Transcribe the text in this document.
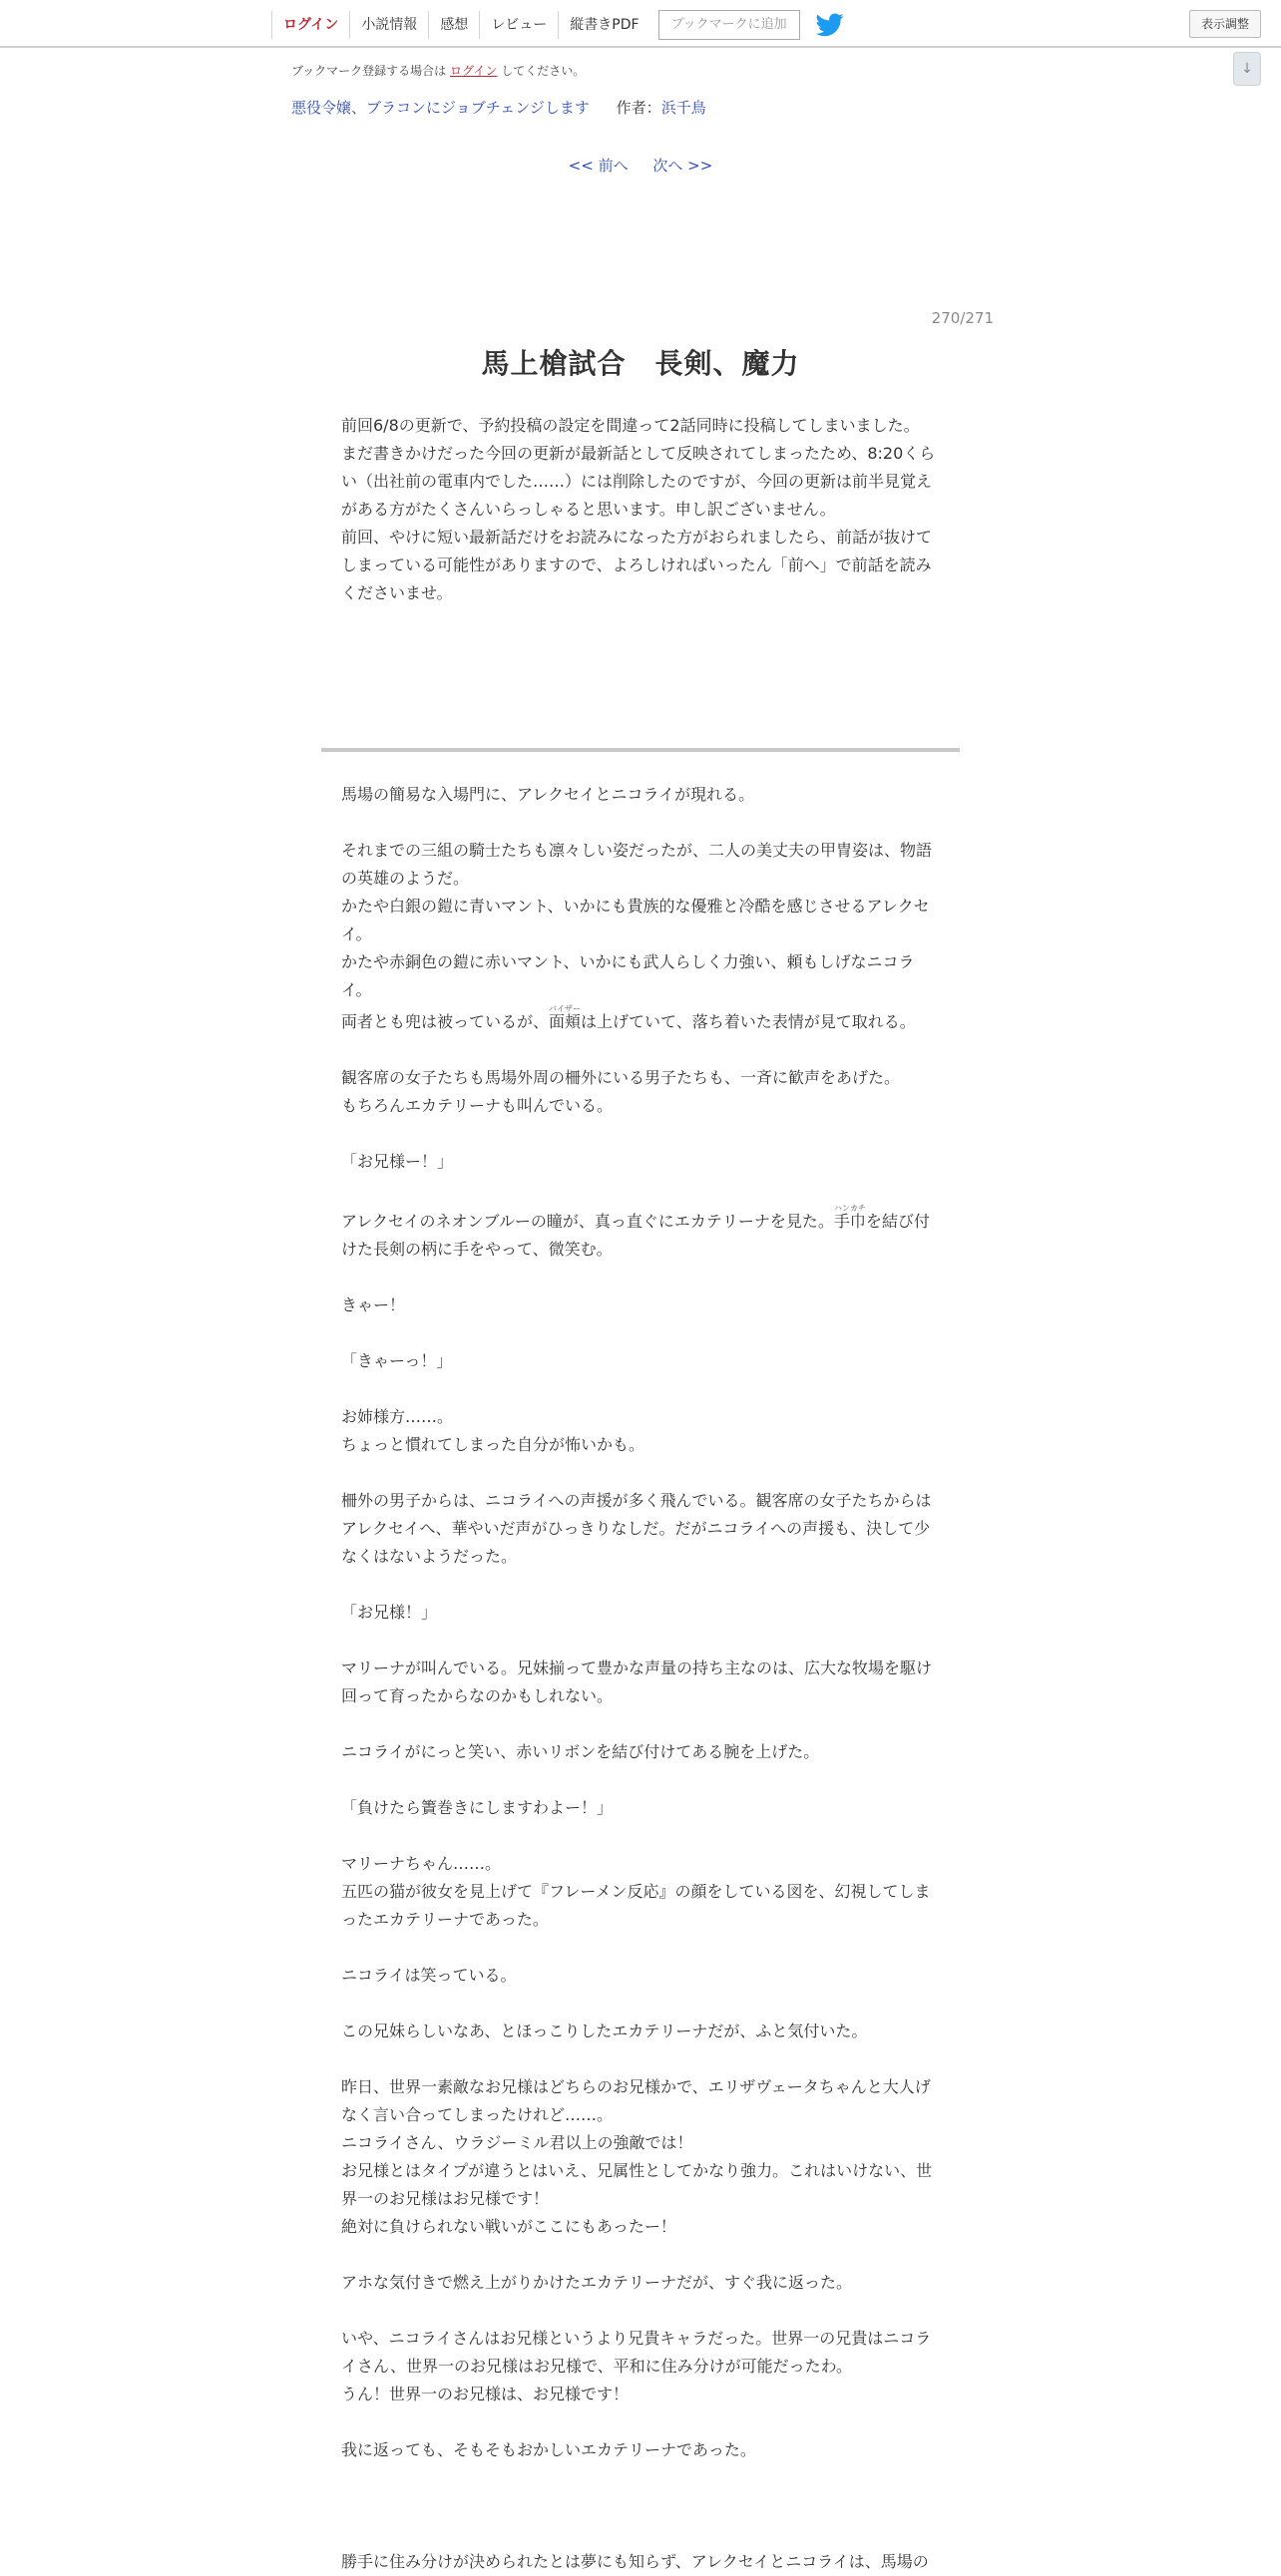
ログイン	小説情報	感想	レビュー	縦書きPDF	ブックマークに追加	表示調整
↓
ブックマーク登録する場合は ログイン してください。
悪役令嬢、ブラコンにジョブチェンジします 作者：浜千鳥
<< 前へ 次へ >>
270/271
馬上槍試合　長剣、魔力

前回6/8の更新で、予約投稿の設定を間違って2話同時に投稿してしまいました。

まだ書きかけだった今回の更新が最新話として反映されてしまったため、8:20くらい（出社前の電車内でした……）には削除したのですが、今回の更新は前半見覚えがある方がたくさんいらっしゃると思います。申し訳ございません。

前回、やけに短い最新話だけをお読みになった方がおられましたら、前話が抜けてしまっている可能性がありますので、よろしければいったん「前へ」で前話を読みくださいませ。

馬場の簡易な入場門に、アレクセイとニコライが現れる。

それまでの三組の騎士たちも凛々しい姿だったが、二人の美丈夫の甲冑姿は、物語の英雄のようだ。

かたや白銀の鎧に青いマント、いかにも貴族的な優雅と冷酷を感じさせるアレクセイ。

かたや赤銅色の鎧に赤いマント、いかにも武人らしく力強い、頼もしげなニコライ。

両者とも兜は被っているが、面頬バイザーは上げていて、落ち着いた表情が見て取れる。

観客席の女子たちも馬場外周の柵外にいる男子たちも、一斉に歓声をあげた。

もちろんエカテリーナも叫んでいる。

「お兄様ー！」

アレクセイのネオンブルーの瞳が、真っ直ぐにエカテリーナを見た。手巾ハンカチを結び付けた長剣の柄に手をやって、微笑む。

きゃー！

「きゃーっ！」

お姉様方……。

ちょっと慣れてしまった自分が怖いかも。

柵外の男子からは、ニコライへの声援が多く飛んでいる。観客席の女子たちからはアレクセイへ、華やいだ声がひっきりなしだ。だがニコライへの声援も、決して少なくはないようだった。

「お兄様！」

マリーナが叫んでいる。兄妹揃って豊かな声量の持ち主なのは、広大な牧場を駆け回って育ったからなのかもしれない。

ニコライがにっと笑い、赤いリボンを結び付けてある腕を上げた。

「負けたら簀巻きにしますわよー！」

マリーナちゃん……。

五匹の猫が彼女を見上げて『フレーメン反応』の顔をしている図を、幻視してしまったエカテリーナであった。

ニコライは笑っている。

この兄妹らしいなあ、とほっこりしたエカテリーナだが、ふと気付いた。

昨日、世界一素敵なお兄様はどちらのお兄様かで、エリザヴェータちゃんと大人げなく言い合ってしまったけれど……。

ニコライさん、ウラジーミル君以上の強敵では！

お兄様とはタイプが違うとはいえ、兄属性としてかなり強力。これはいけない、世界一のお兄様はお兄様です！

絶対に負けられない戦いがここにもあったー！

アホな気付きで燃え上がりかけたエカテリーナだが、すぐ我に返った。

いや、ニコライさんはお兄様というより兄貴キャラだった。世界一の兄貴はニコライさん、世界一のお兄様はお兄様で、平和に住み分けが可能だったわ。

うん！世界一のお兄様は、お兄様です！

我に返っても、そもそもおかしいエカテリーナであった。

勝手に住み分けが決められたとは夢にも知らず、アレクセイとニコライは、馬場の
